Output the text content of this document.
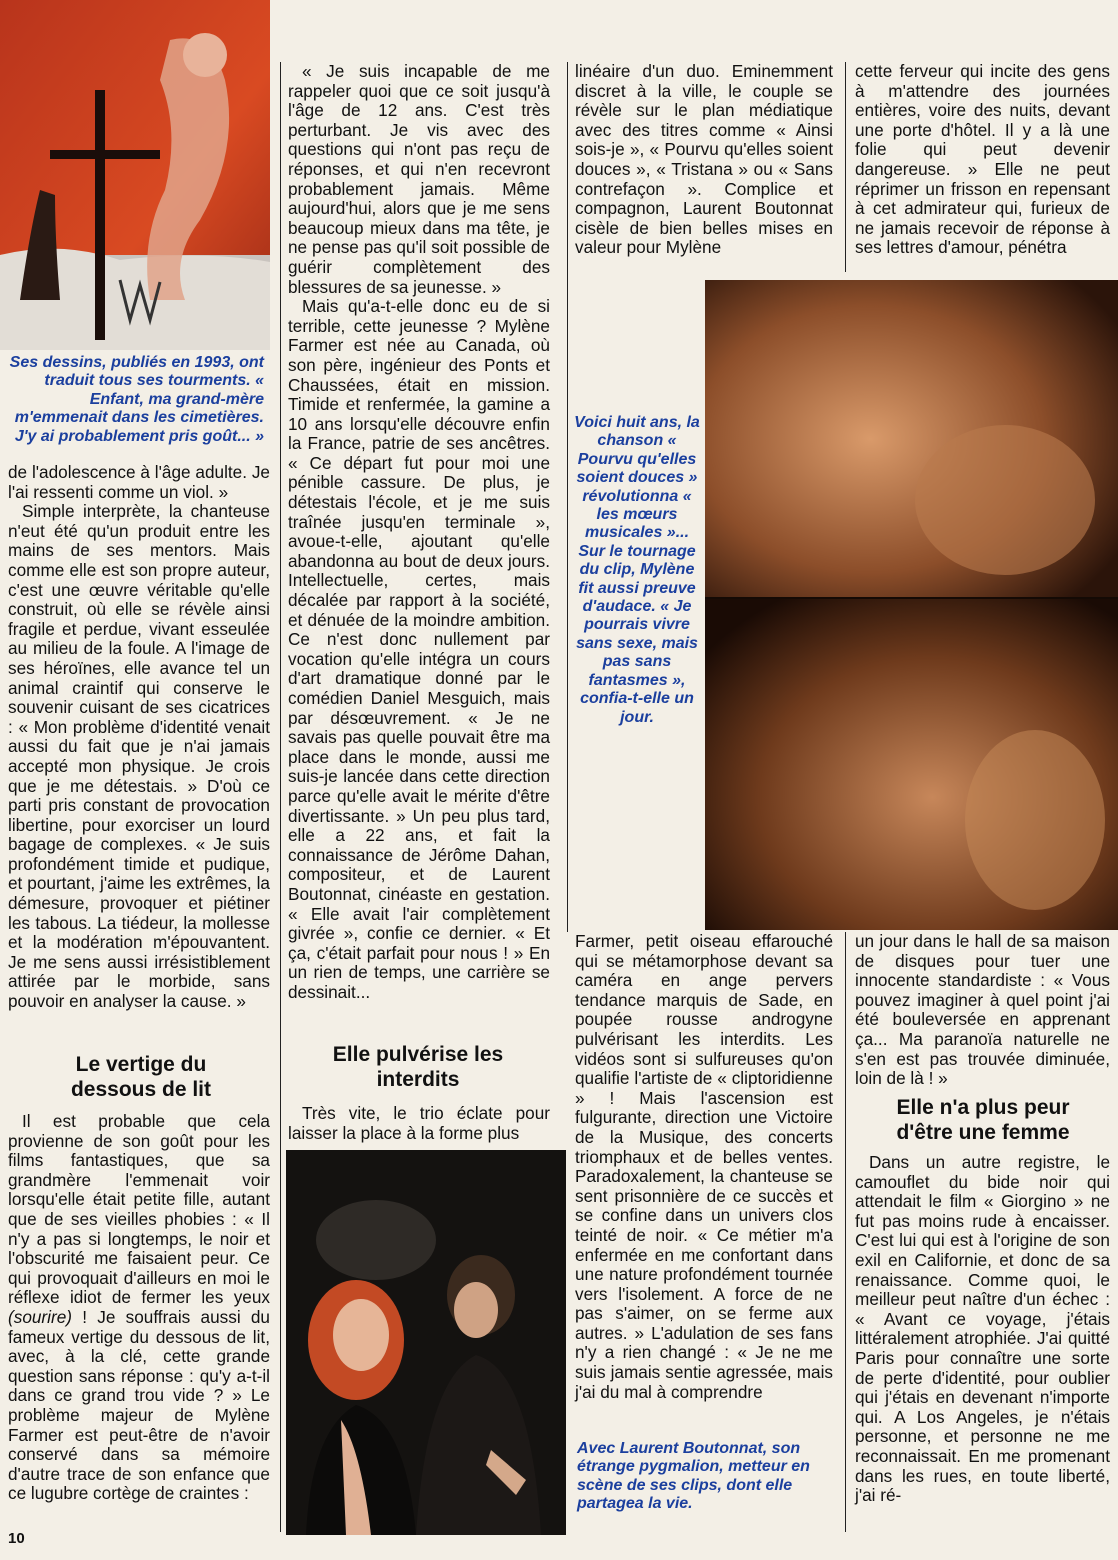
Ses dessins, publiés en 1993, ont traduit tous ses tourments. « Enfant, ma grand-mère m'emmenait dans les cimetières. J'y ai probablement pris goût... »

de l'adolescence à l'âge adulte. Je l'ai ressenti comme un viol. »

Simple interprète, la chanteuse n'eut été qu'un produit entre les mains de ses mentors. Mais comme elle est son propre auteur, c'est une œuvre véritable qu'elle construit, où elle se révèle ainsi fragile et perdue, vivant esseulée au milieu de la foule. A l'image de ses héroïnes, elle avance tel un animal craintif qui conserve le souvenir cuisant de ses cicatrices : « Mon problème d'identité venait aussi du fait que je n'ai jamais accepté mon physique. Je crois que je me détestais. » D'où ce parti pris constant de provocation libertine, pour exorciser un lourd bagage de complexes. « Je suis profondément timide et pudique, et pourtant, j'aime les extrêmes, la démesure, provoquer et piétiner les tabous. La tiédeur, la mollesse et la modération m'épouvantent. Je me sens aussi irrésistiblement attirée par le morbide, sans pouvoir en analyser la cause. »

Le vertige du dessous de lit

Il est probable que cela provienne de son goût pour les films fantastiques, que sa grandmère l'emmenait voir lorsqu'elle était petite fille, autant que de ses vieilles phobies : « Il n'y a pas si longtemps, le noir et l'obscurité me faisaient peur. Ce qui provoquait d'ailleurs en moi le réflexe idiot de fermer les yeux (sourire) ! Je souffrais aussi du fameux vertige du dessous de lit, avec, à la clé, cette grande question sans réponse : qu'y a-t-il dans ce grand trou vide ? » Le problème majeur de Mylène Farmer est peut-être de n'avoir conservé dans sa mémoire d'autre trace de son enfance que ce lugubre cortège de craintes :

10

« Je suis incapable de me rappeler quoi que ce soit jusqu'à l'âge de 12 ans. C'est très perturbant. Je vis avec des questions qui n'ont pas reçu de réponses, et qui n'en recevront probablement jamais. Même aujourd'hui, alors que je me sens beaucoup mieux dans ma tête, je ne pense pas qu'il soit possible de guérir complètement des blessures de sa jeunesse. »

Mais qu'a-t-elle donc eu de si terrible, cette jeunesse ? Mylène Farmer est née au Canada, où son père, ingénieur des Ponts et Chaussées, était en mission. Timide et renfermée, la gamine a 10 ans lorsqu'elle découvre enfin la France, patrie de ses ancêtres. « Ce départ fut pour moi une pénible cassure. De plus, je détestais l'école, et je me suis traînée jusqu'en terminale », avoue-t-elle, ajoutant qu'elle abandonna au bout de deux jours. Intellectuelle, certes, mais décalée par rapport à la société, et dénuée de la moindre ambition. Ce n'est donc nullement par vocation qu'elle intégra un cours d'art dramatique donné par le comédien Daniel Mesguich, mais par désœuvrement. « Je ne savais pas quelle pouvait être ma place dans le monde, aussi me suis-je lancée dans cette direction parce qu'elle avait le mérite d'être divertissante. » Un peu plus tard, elle a 22 ans, et fait la connaissance de Jérôme Dahan, compositeur, et de Laurent Boutonnat, cinéaste en gestation. « Elle avait l'air complètement givrée », confie ce dernier. « Et ça, c'était parfait pour nous ! » En un rien de temps, une carrière se dessinait...

Elle pulvérise les interdits

Très vite, le trio éclate pour laisser la place à la forme plus

linéaire d'un duo. Eminemment discret à la ville, le couple se révèle sur le plan médiatique avec des titres comme « Ainsi sois-je », « Pourvu qu'elles soient douces », « Tristana » ou « Sans contrefaçon ». Complice et compagnon, Laurent Boutonnat cisèle de bien belles mises en valeur pour Mylène

Voici huit ans, la chanson « Pourvu qu'elles soient douces » révolutionna « les mœurs musicales »... Sur le tournage du clip, Mylène fit aussi preuve d'audace. « Je pourrais vivre sans sexe, mais pas sans fantasmes », confia-t-elle un jour.

Farmer, petit oiseau effarouché qui se métamorphose devant sa caméra en ange pervers tendance marquis de Sade, en poupée rousse androgyne pulvérisant les interdits. Les vidéos sont si sulfureuses qu'on qualifie l'artiste de « cliptoridienne » ! Mais l'ascension est fulgurante, direction une Victoire de la Musique, des concerts triomphaux et de belles ventes. Paradoxalement, la chanteuse se sent prisonnière de ce succès et se confine dans un univers clos teinté de noir. « Ce métier m'a enfermée en me confortant dans une nature profondément tournée vers l'isolement. A force de ne pas s'aimer, on se ferme aux autres. » L'adulation de ses fans n'y a rien changé : « Je ne me suis jamais sentie agressée, mais j'ai du mal à comprendre

Avec Laurent Boutonnat, son étrange pygmalion, metteur en scène de ses clips, dont elle partagea la vie.

cette ferveur qui incite des gens à m'attendre des journées entières, voire des nuits, devant une porte d'hôtel. Il y a là une folie qui peut devenir dangereuse. » Elle ne peut réprimer un frisson en repensant à cet admirateur qui, furieux de ne jamais recevoir de réponse à ses lettres d'amour, pénétra

un jour dans le hall de sa maison de disques pour tuer une innocente standardiste : « Vous pouvez imaginer à quel point j'ai été bouleversée en apprenant ça... Ma paranoïa naturelle ne s'en est pas trouvée diminuée, loin de là ! »

Elle n'a plus peur d'être une femme

Dans un autre registre, le camouflet du bide noir qui attendait le film « Giorgino » ne fut pas moins rude à encaisser. C'est lui qui est à l'origine de son exil en Californie, et donc de sa renaissance. Comme quoi, le meilleur peut naître d'un échec : « Avant ce voyage, j'étais littéralement atrophiée. J'ai quitté Paris pour connaître une sorte de perte d'identité, pour oublier qui j'étais en devenant n'importe qui. A Los Angeles, je n'étais personne, et personne ne me reconnaissait. En me promenant dans les rues, en toute liberté, j'ai ré-
